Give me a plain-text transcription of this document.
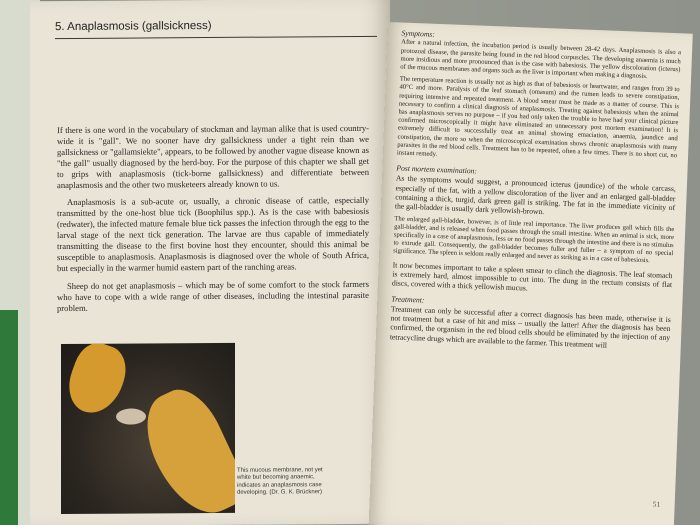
5. Anaplasmosis (gallsickness)

If there is one word in the vocabulary of stockman and layman alike that is used country-wide it is "gall". We no sooner have dry gallsickness under a tight rein than we gallsickness or "gallamsiekte", appears, to be followed by another vague disease known as "the gall" usually diagnosed by the herd-boy. For the purpose of this chapter we shall get to grips with anaplasmosis (tick-borne gallsickness) and differentiate between anaplasmosis and the other two musketeers already known to us.

Anaplasmosis is a sub-acute or, usually, a chronic disease of cattle, especially transmitted by the one-host blue tick (Boophilus spp.). As is the case with babesiosis (redwater), the infected mature female blue tick passes the infection through the egg to the larval stage of the next tick generation. The larvae are thus capable of immediately transmitting the disease to the first bovine host they encounter, should this animal be susceptible to anaplasmosis. Anaplasmosis is diagnosed over the whole of South Africa, but especially in the warmer humid eastern part of the ranching areas.

Sheep do not get anaplasmosis – which may be of some comfort to the stock farmers who have to cope with a wide range of other diseases, including the intestinal parasite problem.

This mucous membrane, not yet white but becoming anaemic, indicates an anaplasmosis case developing. (Dr. G. K. Brückner)
Symptoms:

After a natural infection, the incubation period is usually between 28-42 days. Anaplasmosis is also a protozoal disease, the parasite being found in the red blood corpuscles. The developing anaemia is much more insidious and more pronounced than is the case with babesiosis. The yellow discoloration (icterus) of the mucous membranes and organs such as the liver is important when making a diagnosis.

The temperature reaction is usually not as high as that of babesiosis or heartwater, and ranges from 39 to 40°C and more. Paralysis of the leaf stomach (omasum) and the rumen leads to severe constipation, requiring intensive and repeated treatment. A blood smear must be made as a matter of course. This is necessary to confirm a clinical diagnosis of anaplasmosis. Treating against babesiosis when the animal has anaplasmosis serves no purpose – if you had only taken the trouble to have had your clinical picture confirmed microscopically it might have eliminated an unnecessary post mortem examination! It is extremely difficult to successfully treat an animal showing emaciation, anaemia, jaundice and constipation, the more so when the microscopical examination shows chronic anaplasmosis with many parasites in the red blood cells. Treatment has to be repeated, often a few times. There is no short cut, no instant remedy.

Post mortem examination:

As the symptoms would suggest, a pronounced icterus (jaundice) of the whole carcass, especially of the fat, with a yellow discoloration of the liver and an enlarged gall-bladder containing a thick, turgid, dark green gall is striking. The fat in the immediate vicinity of the gall-bladder is usually dark yellowish-brown.

The enlarged gall-bladder, however, is of little real importance. The liver produces gall which fills the gall-bladder, and is released when food passes through the small intestine. When an animal is sick, more specifically in a case of anaplasmosis, less or no food passes through the intestine and there is no stimulus to extrude gall. Consequently, the gall-bladder becomes fuller and fuller – a symptom of no special significance. The spleen is seldom really enlarged and never as striking as in a case of babesiosis.

It now becomes important to take a spleen smear to clinch the diagnosis. The leaf stomach is extremely hard, almost impossible to cut into. The dung in the rectum consists of flat discs, covered with a thick yellowish mucus.

Treatment:

Treatment can only be successful after a correct diagnosis has been made, otherwise it is not treatment but a case of hit and miss – usually the latter! After the diagnosis has been confirmed, the organism in the red blood cells should be eliminated by the injection of any tetracycline drugs which are available to the farmer. This treatment will

51
